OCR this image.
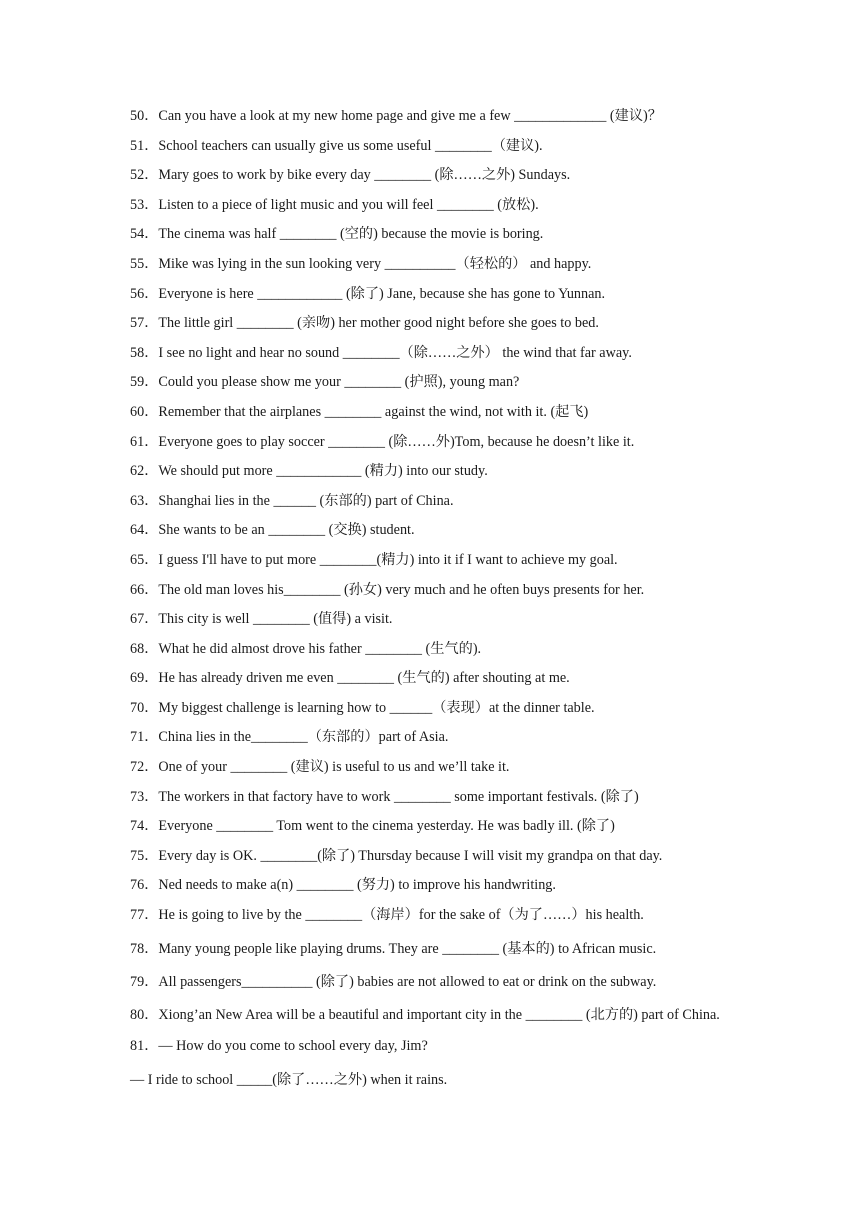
50．Can you have a look at my new home page and give me a few _____________ (建议)？
51．School teachers can usually give us some useful ________（建议).
52．Mary goes to work by bike every day ________ (除……之外) Sundays.
53．Listen to a piece of light music and you will feel ________ (放松).
54．The cinema was half ________ (空的) because the movie is boring.
55．Mike was lying in the sun looking very __________（轻松的） and happy.
56．Everyone is here ____________ (除了) Jane, because she has gone to Yunnan.
57．The little girl ________ (亲吻) her mother good night before she goes to bed.
58．I see no light and hear no sound ________（除……之外） the wind that far away.
59．Could you please show me your ________ (护照), young man?
60．Remember that the airplanes ________ against the wind, not with it. (起飞)
61．Everyone goes to play soccer ________ (除……外)Tom, because he doesn’t like it.
62．We should put more ____________ (精力) into our study.
63．Shanghai lies in the ______ (东部的) part of China.
64．She wants to be an ________ (交换) student.
65．I guess I'll have to put more ________(精力) into it if I want to achieve my goal.
66．The old man loves his________ (孙女) very much and he often buys presents for her.
67．This city is well ________ (值得) a visit.
68．What he did almost drove his father ________ (生气的).
69．He has already driven me even ________ (生气的) after shouting at me.
70．My biggest challenge is learning how to ______（表现）at the dinner table.
71．China lies in the________（东部的）part of Asia.
72．One of your ________ (建议) is useful to us and we’ll take it.
73．The workers in that factory have to work ________ some important festivals. (除了)
74．Everyone ________ Tom went to the cinema yesterday. He was badly ill. (除了)
75．Every day is OK. ________(除了) Thursday because I will visit my grandpa on that day.
76．Ned needs to make a(n) ________ (努力) to improve his handwriting.
77．He is going to live by the ________（海岸）for the sake of（为了……）his health.
78．Many young people like playing drums. They are ________ (基本的) to African music.
79．All passengers__________ (除了) babies are not allowed to eat or drink on the subway.
80．Xiong’an New Area will be a beautiful and important city in the ________ (北方的) part of China.
81．— How do you come to school every day, Jim?
— I ride to school _____(除了……之外) when it rains.
